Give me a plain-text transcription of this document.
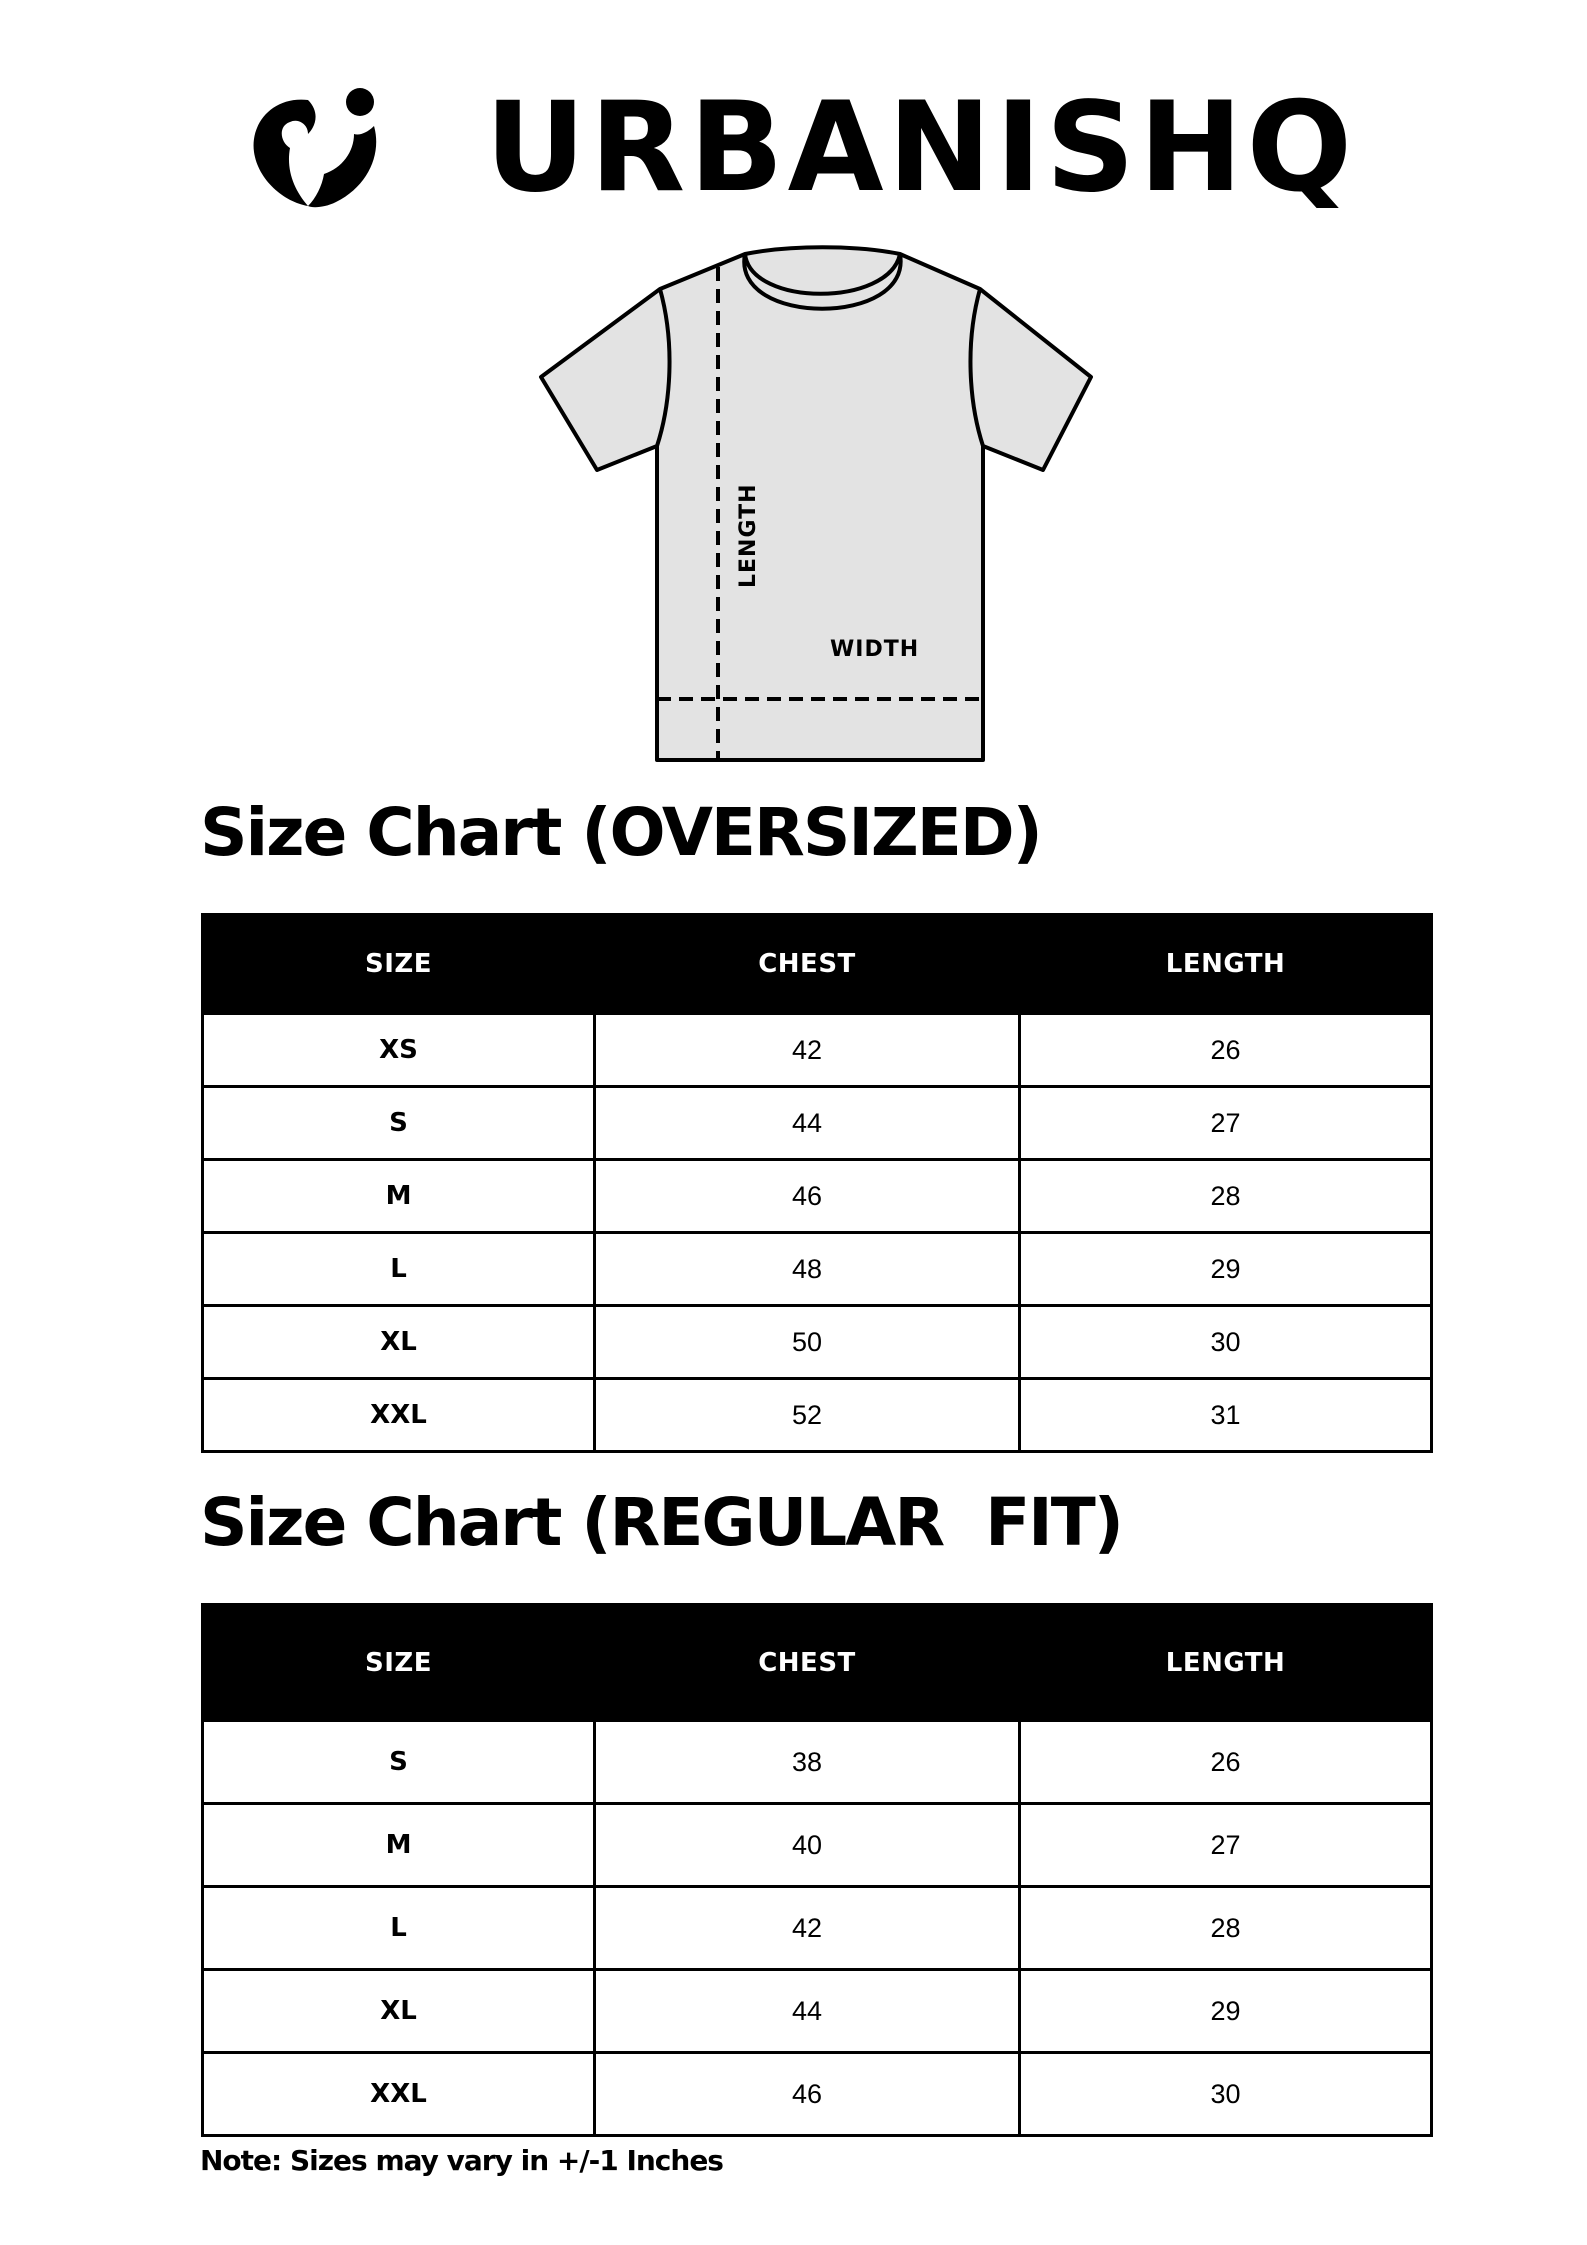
URBANISHQ
LENGTH
WIDTH
Size Chart (OVERSIZED)
SIZE	CHEST	LENGTH
XS	42	26
S	44	27
M	46	28
L	48	29
XL	50	30
XXL	52	31
Size Chart (REGULAR  FIT)
SIZE	CHEST	LENGTH
S	38	26
M	40	27
L	42	28
XL	44	29
XXL	46	30
Note: Sizes may vary in +/-1 Inches
